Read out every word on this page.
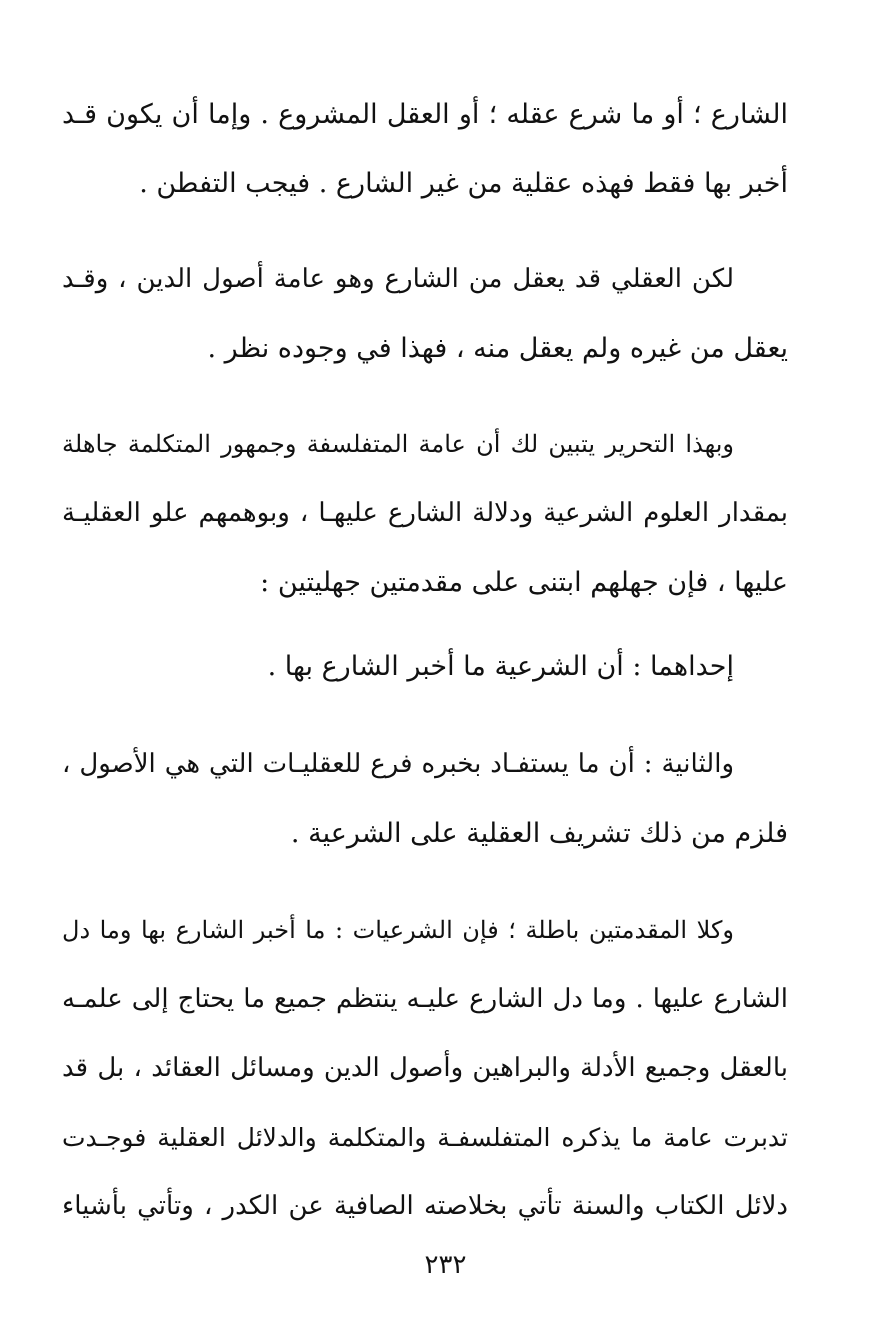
الشارع ؛ أو ما شرع عقله ؛ أو العقل المشروع . وإما أن يكون قـد
أخبر بها فقط فهذه عقلية من غير الشارع . فيجب التفطن .
لكن العقلي قد يعقل من الشارع وهو عامة أصول الدين ، وقـد
يعقل من غيره ولم يعقل منه ، فهذا في وجوده نظر .
وبهذا التحرير يتبين لك أن عامة المتفلسفة وجمهور المتكلمة جاهلة
بمقدار العلوم الشرعية ودلالة الشارع عليهـا ، وبوهمهم علو العقليـة
عليها ، فإن جهلهم ابتنى على مقدمتين جهليتين :
إحداهما : أن الشرعية ما أخبر الشارع بها .
والثانية : أن ما يستفـاد بخبره فرع للعقليـات التي هي الأصول ،
فلزم من ذلك تشريف العقلية على الشرعية .
وكلا المقدمتين باطلة ؛ فإن الشرعيات : ما أخبر الشارع بها وما دل
الشارع عليها . وما دل الشارع عليـه ينتظم جميع ما يحتاج إلى علمـه
بالعقل وجميع الأدلة والبراهين وأصول الدين ومسائل العقائد ، بل قد
تدبرت عامة ما يذكره المتفلسفـة والمتكلمة والدلائل العقلية فوجـدت
دلائل الكتاب والسنة تأتي بخلاصته الصافية عن الكدر ، وتأتي بأشياء
٢٣٢
